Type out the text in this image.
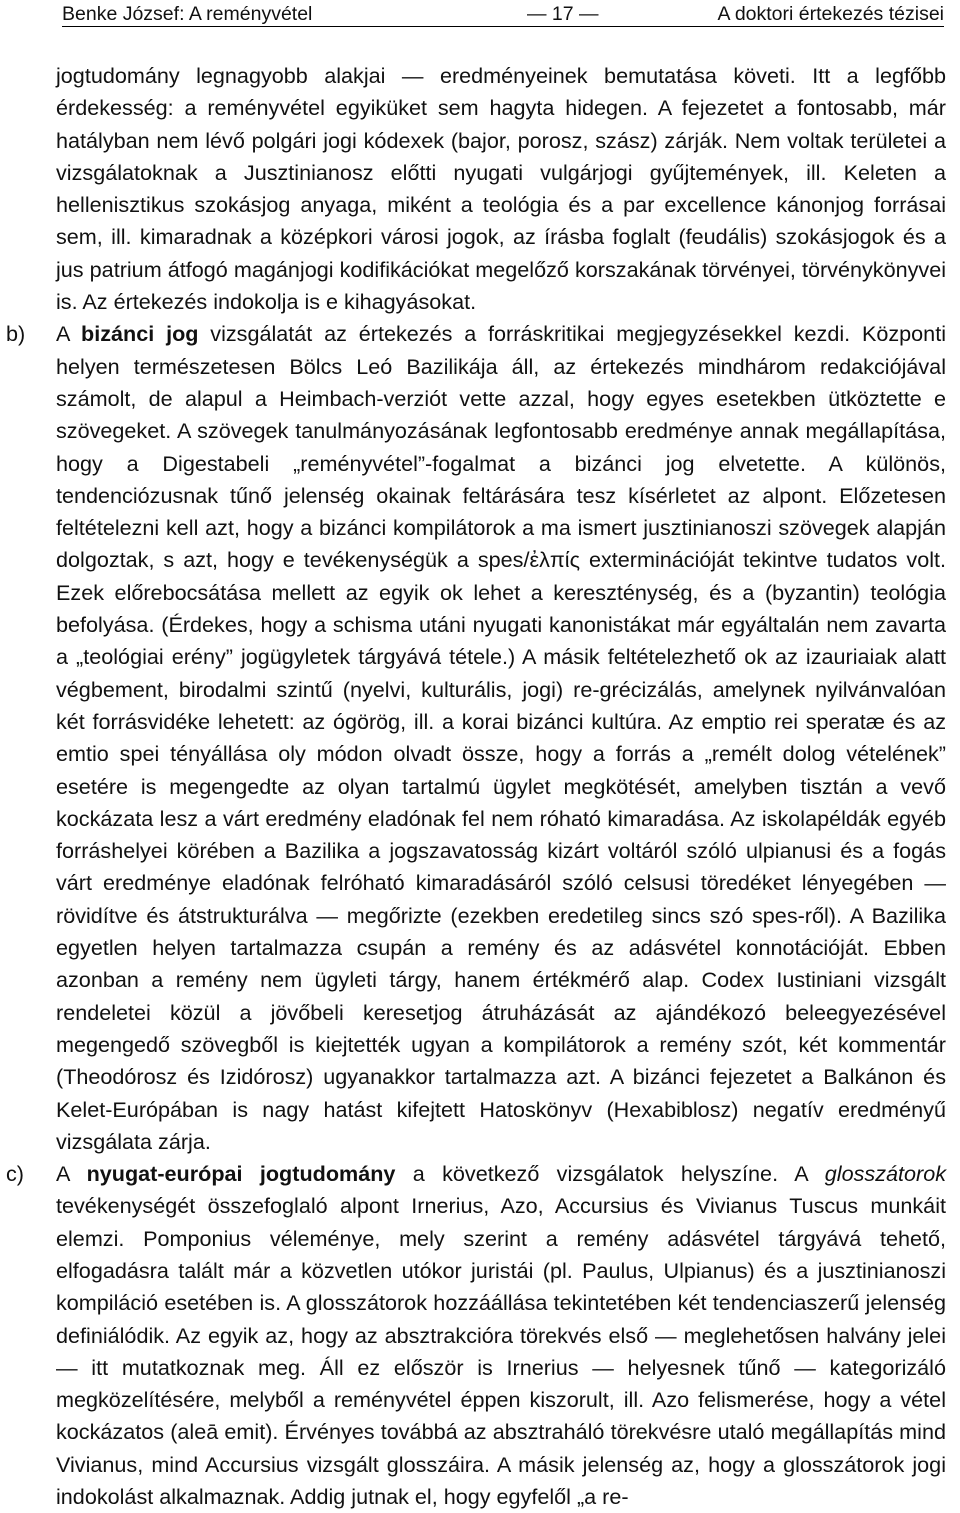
Benke József: A reményvétel	— 17 —	A doktori értekezés tézisei

jogtudomány legnagyobb alakjai — eredményeinek bemutatása követi. Itt a legfőbb érdekesség: a reményvétel egyiküket sem hagyta hidegen. A fejezetet a fontosabb, már hatályban nem lévő polgári jogi kódexek (bajor, porosz, szász) zárják. Nem voltak területei a vizsgálatoknak a Jusztinianosz előtti nyugati vulgárjogi gyűjtemények, ill. Keleten a hellenisztikus szokásjog anyaga, miként a teológia és a par excellence kánonjog forrásai sem, ill. kimaradnak a középkori városi jogok, az írásba foglalt (feudális) szokásjogok és a jus patrium átfogó magánjogi kodifikációkat megelőző korszakának törvényei, törvénykönyvei is. Az értekezés indokolja is e kihagyásokat.

b) A bizánci jog vizsgálatát az értekezés a forráskritikai megjegyzésekkel kezdi. Központi helyen természetesen Bölcs Leó Bazilikája áll, az értekezés mindhárom redakciójával számolt, de alapul a Heimbach-verziót vette azzal, hogy egyes esetekben ütköztette e szövegeket. A szövegek tanulmányozásának legfontosabb eredménye annak megállapítása, hogy a Digestabeli „reményvétel”-fogalmat a bizánci jog elvetette. A különös, tendenciózusnak tűnő jelenség okainak feltárására tesz kísérletet az alpont. Előzetesen feltételezni kell azt, hogy a bizánci kompilátorok a ma ismert jusztinianoszi szövegek alapján dolgoztak, s azt, hogy e tevékenységük a spes/ἐλπίς exterminációját tekintve tudatos volt. Ezek előrebocsátása mellett az egyik ok lehet a kereszténység, és a (byzantin) teológia befolyása. (Érdekes, hogy a schisma utáni nyugati kanonistákat már egyáltalán nem zavarta a „teológiai erény” jogügyletek tárgyává tétele.) A másik feltételezhető ok az izauriaiak alatt végbement, birodalmi szintű (nyelvi, kulturális, jogi) re-grécizálás, amelynek nyilvánvalóan két forrásvidéke lehetett: az ógörög, ill. a korai bizánci kultúra. Az emptio rei speratæ és az emtio spei tényállása oly módon olvadt össze, hogy a forrás a „remélt dolog vételének” esetére is megengedte az olyan tartalmú ügylet megkötését, amelyben tisztán a vevő kockázata lesz a várt eredmény eladónak fel nem róható kimaradása. Az iskolapéldák egyéb forráshelyei körében a Bazilika a jogszavatosság kizárt voltáról szóló ulpianusi és a fogás várt eredménye eladónak felróható kimaradásáról szóló celsusi töredéket lényegében — rövidítve és átstrukturálva — megőrizte (ezekben eredetileg sincs szó spes-ről). A Bazilika egyetlen helyen tartalmazza csupán a remény és az adásvétel konnotációját. Ebben azonban a remény nem ügyleti tárgy, hanem értékmérő alap. Codex Iustiniani vizsgált rendeletei közül a jövőbeli keresetjog átruházását az ajándékozó beleegyezésével megengedő szövegből is kiejtették ugyan a kompilátorok a remény szót, két kommentár (Theodórosz és Izidórosz) ugyanakkor tartalmazza azt. A bizánci fejezetet a Balkánon és Kelet-Európában is nagy hatást kifejtett Hatoskönyv (Hexabiblosz) negatív eredményű vizsgálata zárja.

c) A nyugat-európai jogtudomány a következő vizsgálatok helyszíne. A glosszátorok tevékenységét összefoglaló alpont Irnerius, Azo, Accursius és Vivianus Tuscus munkáit elemzi. Pomponius véleménye, mely szerint a remény adásvétel tárgyává tehető, elfogadásra talált már a közvetlen utókor juristái (pl. Paulus, Ulpianus) és a jusztinianoszi kompiláció esetében is. A glosszátorok hozzáállása tekintetében két tendenciaszerű jelenség definiálódik. Az egyik az, hogy az absztrakcióra törekvés első — meglehetősen halvány jelei — itt mutatkoznak meg. Áll ez először is Irnerius — helyesnek tűnő — kategorizáló megközelítésére, melyből a reményvétel éppen kiszorult, ill. Azo felismerése, hogy a vétel kockázatos (aleā emit). Érvényes továbbá az absztraháló törekvésre utaló megállapítás mind Vivianus, mind Accursius vizsgált glosszáira. A másik jelenség az, hogy a glosszátorok jogi indokolást alkalmaznak. Addig jutnak el, hogy egyfelől „a re-
